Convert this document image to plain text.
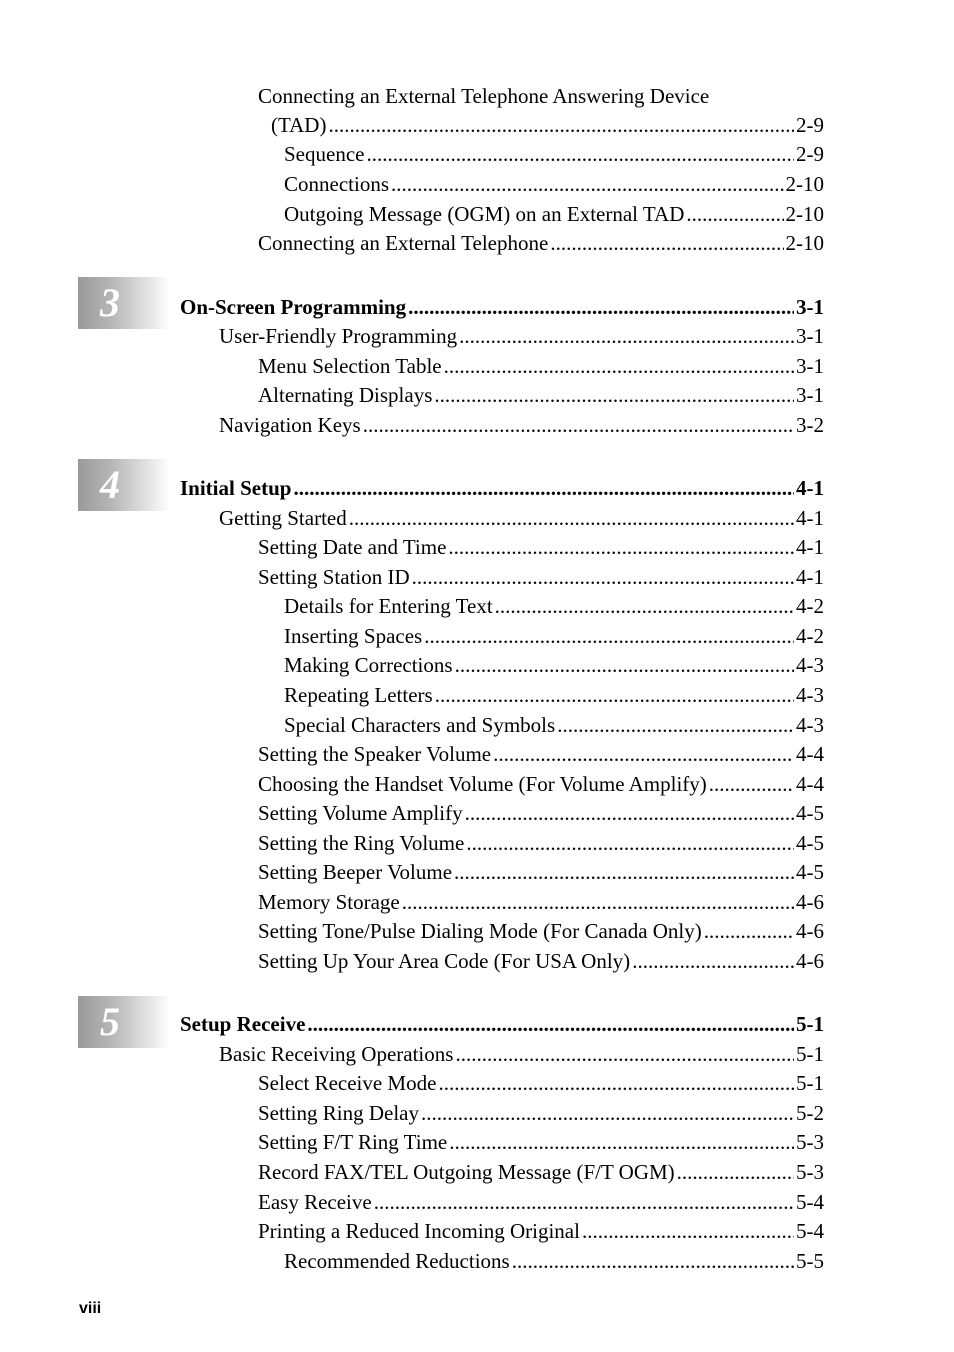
Connecting an External Telephone Answering Device
(TAD) .....	2-9
Sequence .....	2-9
Connections .....	2-10
Outgoing Message (OGM) on an External TAD .....	2-10
Connecting an External Telephone .....	2-10
3	On-Screen Programming .....	3-1
User-Friendly Programming .....	3-1
Menu Selection Table .....	3-1
Alternating Displays .....	3-1
Navigation Keys .....	3-2
4	Initial Setup .....	4-1
Getting Started .....	4-1
Setting Date and Time .....	4-1
Setting Station ID .....	4-1
Details for Entering Text .....	4-2
Inserting Spaces .....	4-2
Making Corrections .....	4-3
Repeating Letters .....	4-3
Special Characters and Symbols .....	4-3
Setting the Speaker Volume .....	4-4
Choosing the Handset Volume (For Volume Amplify) .....	4-4
Setting Volume Amplify .....	4-5
Setting the Ring Volume .....	4-5
Setting Beeper Volume .....	4-5
Memory Storage .....	4-6
Setting Tone/Pulse Dialing Mode (For Canada Only) .....	4-6
Setting Up Your Area Code (For USA Only) .....	4-6
5	Setup Receive .....	5-1
Basic Receiving Operations .....	5-1
Select Receive Mode .....	5-1
Setting Ring Delay .....	5-2
Setting F/T Ring Time .....	5-3
Record FAX/TEL Outgoing Message (F/T OGM) .....	5-3
Easy Receive .....	5-4
Printing a Reduced Incoming Original .....	5-4
Recommended Reductions .....	5-5
viii
